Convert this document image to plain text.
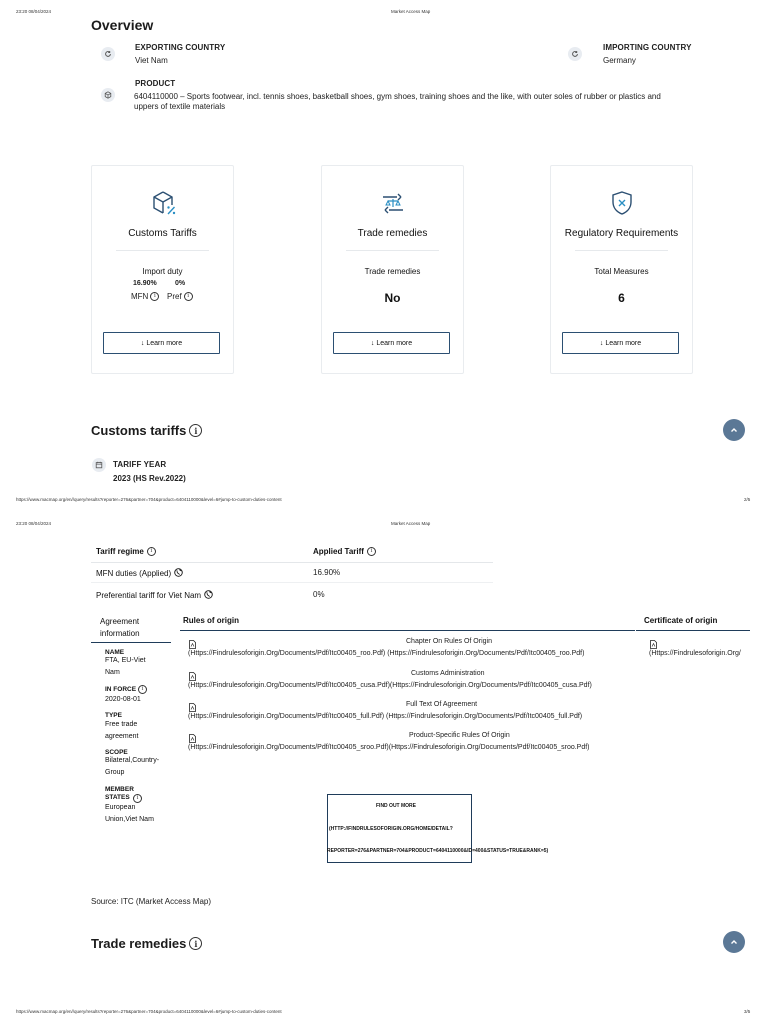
23:20 08/04/2024	Market Access Map
Overview
EXPORTING COUNTRY
Viet Nam
IMPORTING COUNTRY
Germany
PRODUCT
6404110000 – Sports footwear, incl. tennis shoes, basketball shoes, gym shoes, training shoes and the like, with outer soles of rubber or plastics and uppers of textile materials
Customs Tariffs
Import duty
16.90%	0%
MFN	i	Pref	i
↓ Learn more
Trade remedies
Trade remedies
No
↓ Learn more
Regulatory Requirements
Total Measures
6
↓ Learn more
Customs tariffs i
TARIFF YEAR
2023 (HS Rev.2022)
https://www.macmap.org/en//query/results?reporter=276&partner=704&product=6404110000&level=6#jump-to-custom-duties-content	2/5
23:20 08/04/2024	Market Access Map
Tariff regime	i	Applied Tariff	i
MFN duties (Applied)	16.90%
Preferential tariff for Viet Nam	0%
Agreement information
Rules of origin	Certificate of origin
NAME
FTA, EU-Viet Nam
IN FORCE	i
2020-08-01
TYPE
Free trade agreement
SCOPE
Bilateral,Country-Group
MEMBER STATES	i
European Union,Viet Nam
Chapter On Rules Of Origin
(Https://Findrulesoforigin.Org/Documents/Pdf/Itc00405_roo.Pdf) (Https://Findrulesoforigin.Org/Documents/Pdf/Itc00405_roo.Pdf)
Customs Administration
(Https://Findrulesoforigin.Org/Documents/Pdf/Itc00405_cusa.Pdf)(Https://Findrulesoforigin.Org/Documents/Pdf/Itc00405_cusa.Pdf)
Full Text Of Agreement
(Https://Findrulesoforigin.Org/Documents/Pdf/Itc00405_full.Pdf) (Https://Findrulesoforigin.Org/Documents/Pdf/Itc00405_full.Pdf)
Product-Specific Rules Of Origin
(Https://Findrulesoforigin.Org/Documents/Pdf/Itc00405_sroo.Pdf)(Https://Findrulesoforigin.Org/Documents/Pdf/Itc00405_sroo.Pdf)
(Https://Findrulesoforigin.Org/
FIND OUT MORE
(HTTP://FINDRULESOFORIGIN.ORG/HOME/DETAIL?
REPORTER=276&PARTNER=704&PRODUCT=6404110000&ID=400&STATUS=TRUE&RANK=5)
Source: ITC (Market Access Map)
Trade remedies i
https://www.macmap.org/en//query/results?reporter=276&partner=704&product=6404110000&level=6#jump-to-custom-duties-content	3/5
